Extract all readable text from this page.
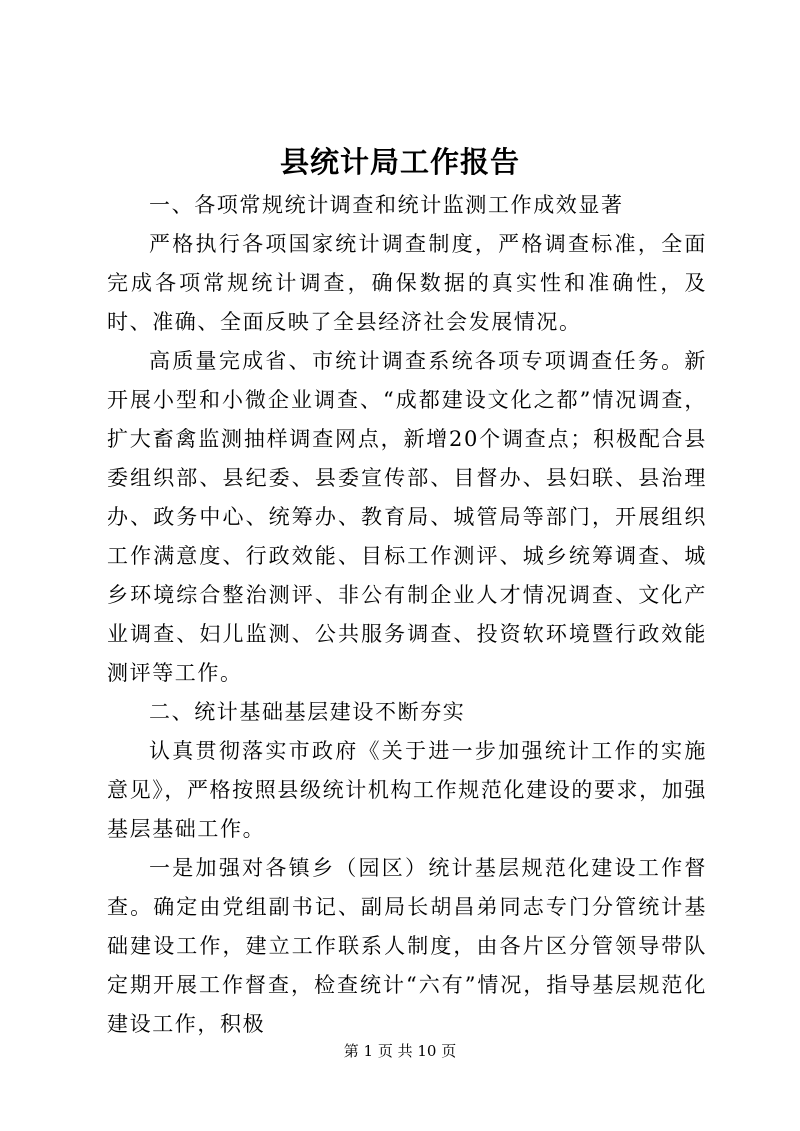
县统计局工作报告

一、各项常规统计调查和统计监测工作成效显著

严格执行各项国家统计调查制度，严格调查标准，全面完成各项常规统计调查，确保数据的真实性和准确性，及时、准确、全面反映了全县经济社会发展情况。

高质量完成省、市统计调查系统各项专项调查任务。新开展小型和小微企业调查、“成都建设文化之都”情况调查，扩大畜禽监测抽样调查网点，新增20个调查点；积极配合县委组织部、县纪委、县委宣传部、目督办、县妇联、县治理办、政务中心、统筹办、教育局、城管局等部门，开展组织工作满意度、行政效能、目标工作测评、城乡统筹调查、城乡环境综合整治测评、非公有制企业人才情况调查、文化产业调查、妇儿监测、公共服务调查、投资软环境暨行政效能测评等工作。

二、统计基础基层建设不断夯实

认真贯彻落实市政府《关于进一步加强统计工作的实施意见》，严格按照县级统计机构工作规范化建设的要求，加强基层基础工作。

一是加强对各镇乡（园区）统计基层规范化建设工作督查。确定由党组副书记、副局长胡昌弟同志专门分管统计基础建设工作，建立工作联系人制度，由各片区分管领导带队定期开展工作督查，检查统计“六有”情况，指导基层规范化建设工作，积极

第 1 页 共 10 页
